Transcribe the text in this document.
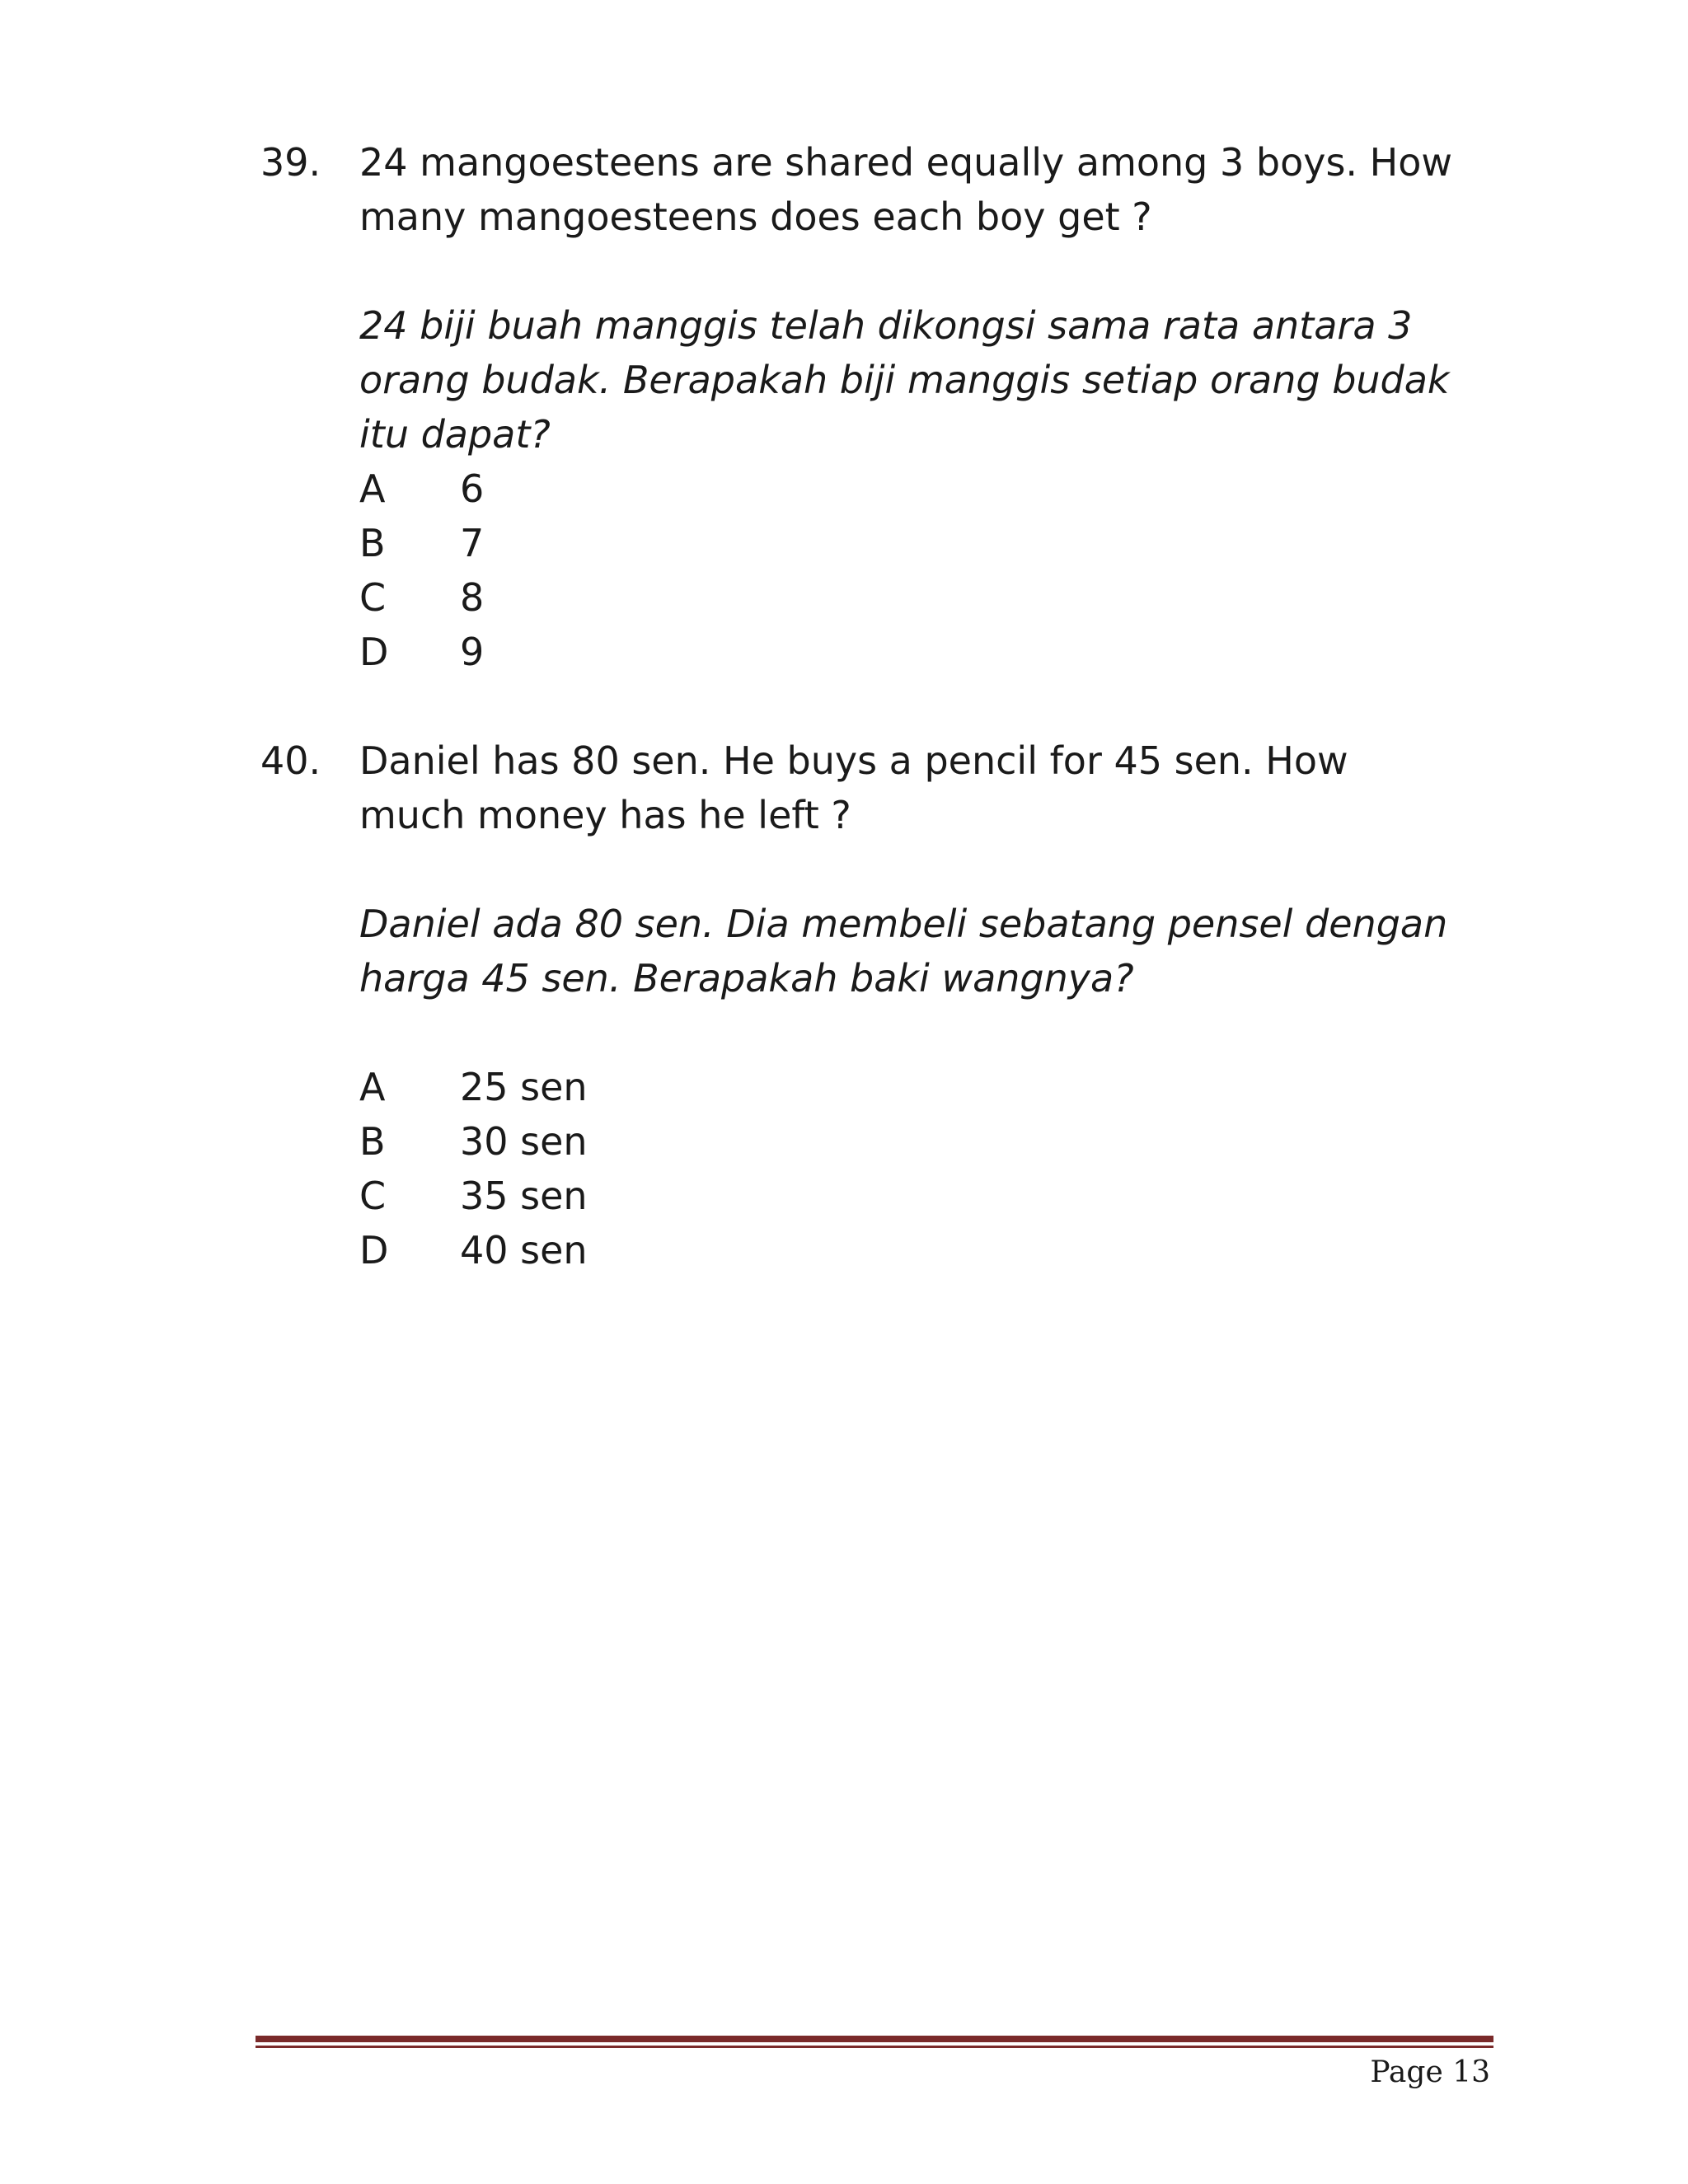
39. 24 mangoesteens are shared equally among 3 boys. How many mangoesteens does each boy get ?
24 biji buah manggis telah dikongsi sama rata antara 3 orang budak. Berapakah biji manggis setiap orang budak itu dapat?
A	6
B	7
C	8
D	9
40. Daniel has 80 sen. He buys a pencil for 45 sen. How much money has he left ?
Daniel ada 80 sen. Dia membeli sebatang pensel dengan harga 45 sen. Berapakah baki wangnya?
A	25 sen
B	30 sen
C	35 sen
D	40 sen
Page 13
